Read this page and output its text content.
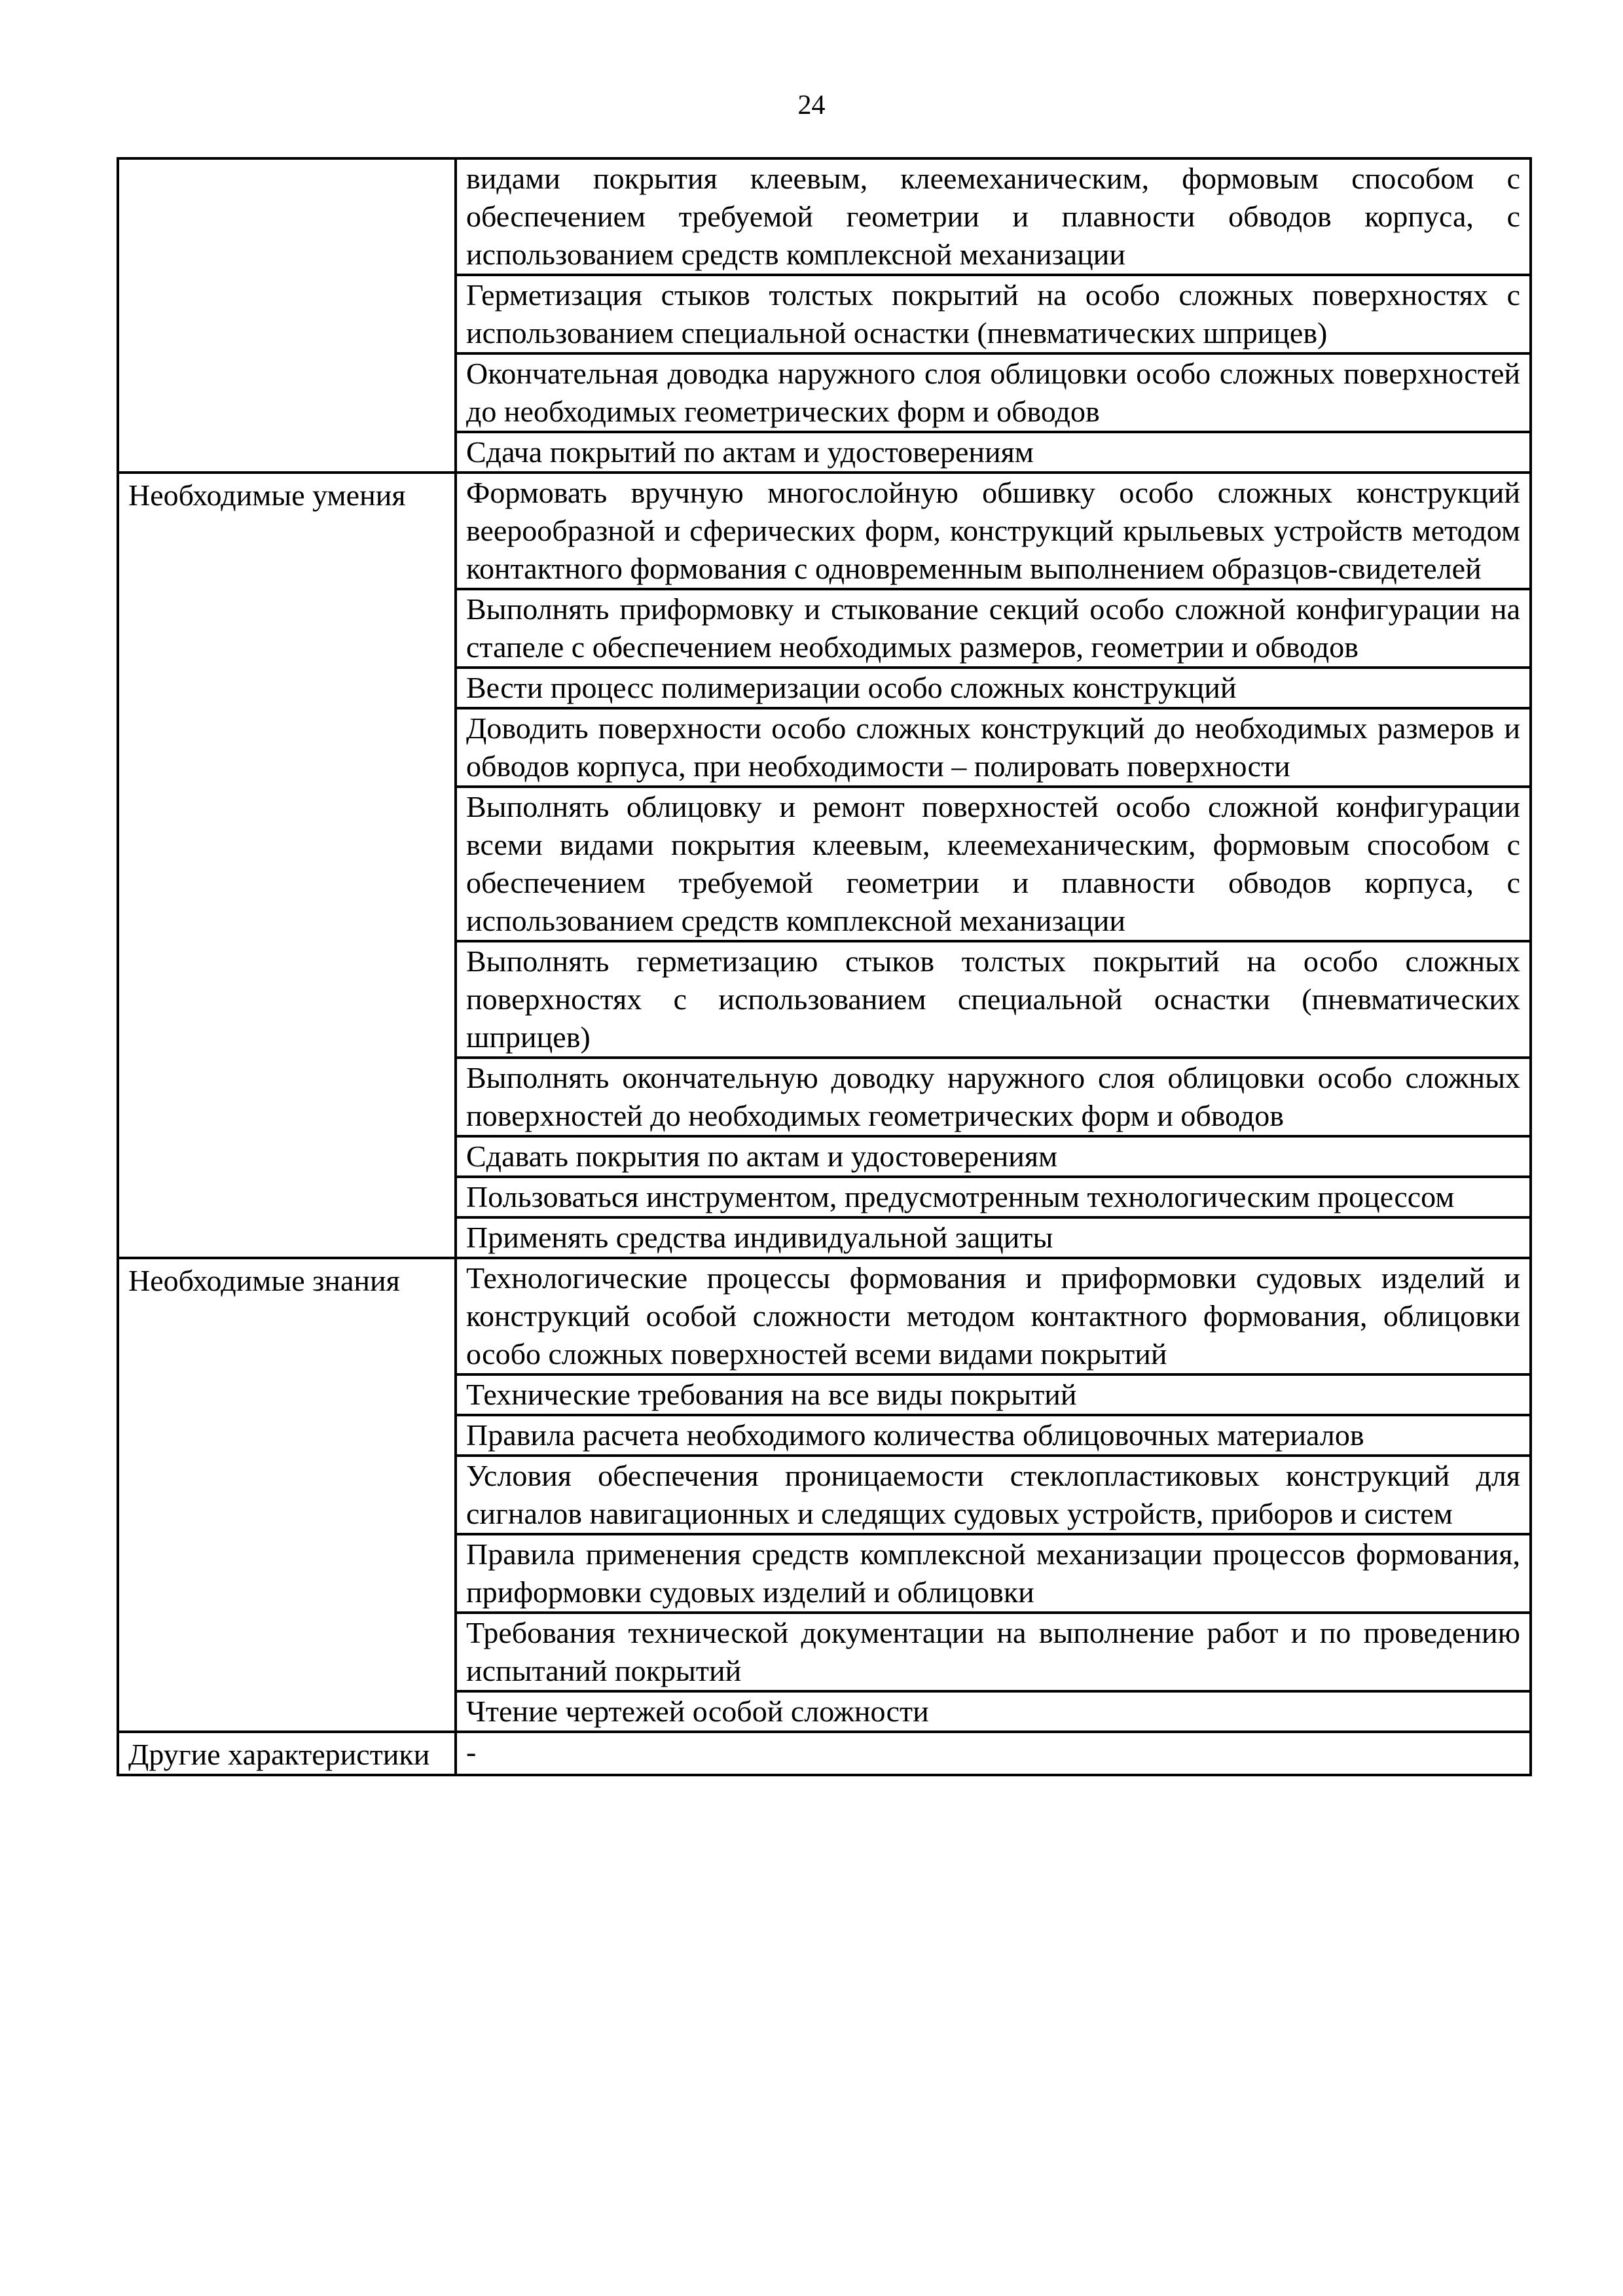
24
	видами покрытия клеевым, клеемеханическим, формовым способом с обеспечением требуемой геометрии и плавности обводов корпуса, с использованием средств комплексной механизации
	Герметизация стыков толстых покрытий на особо сложных поверхностях с использованием специальной оснастки (пневматических шприцев)
	Окончательная доводка наружного слоя облицовки особо сложных поверхностей до необходимых геометрических форм и обводов
	Сдача покрытий по актам и удостоверениям
Необходимые умения	Формовать вручную многослойную обшивку особо сложных конструкций веерообразной и сферических форм, конструкций крыльевых устройств методом контактного формования с одновременным выполнением образцов-свидетелей
	Выполнять приформовку и стыкование секций особо сложной конфигурации на стапеле с обеспечением необходимых размеров, геометрии и обводов
	Вести процесс полимеризации особо сложных конструкций
	Доводить поверхности особо сложных конструкций до необходимых размеров и обводов корпуса, при необходимости – полировать поверхности
	Выполнять облицовку и ремонт поверхностей особо сложной конфигурации всеми видами покрытия клеевым, клеемеханическим, формовым способом с обеспечением требуемой геометрии и плавности обводов корпуса, с использованием средств комплексной механизации
	Выполнять герметизацию стыков толстых покрытий на особо сложных поверхностях с использованием специальной оснастки (пневматических шприцев)
	Выполнять окончательную доводку наружного слоя облицовки особо сложных поверхностей до необходимых геометрических форм и обводов
	Сдавать покрытия по актам и удостоверениям
	Пользоваться инструментом, предусмотренным технологическим процессом
	Применять средства индивидуальной защиты
Необходимые знания	Технологические процессы формования и приформовки судовых изделий и конструкций особой сложности методом контактного формования, облицовки особо сложных поверхностей всеми видами покрытий
	Технические требования на все виды покрытий
	Правила расчета необходимого количества облицовочных материалов
	Условия обеспечения проницаемости стеклопластиковых конструкций для сигналов навигационных и следящих судовых устройств, приборов и систем
	Правила применения средств комплексной механизации процессов формования, приформовки судовых изделий и облицовки
	Требования технической документации на выполнение работ и по проведению испытаний покрытий
	Чтение чертежей особой сложности
Другие характеристики	-
